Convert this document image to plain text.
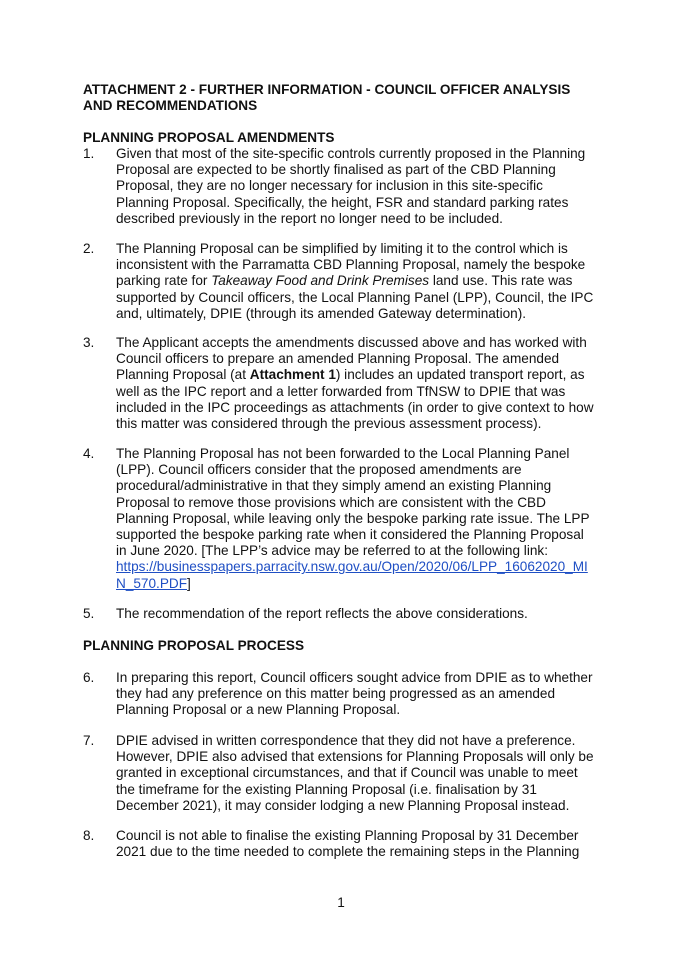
ATTACHMENT 2 - FURTHER INFORMATION - COUNCIL OFFICER ANALYSIS
AND RECOMMENDATIONS
PLANNING PROPOSAL AMENDMENTS
1.	Given that most of the site-specific controls currently proposed in the Planning
Proposal are expected to be shortly finalised as part of the CBD Planning
Proposal, they are no longer necessary for inclusion in this site-specific
Planning Proposal. Specifically, the height, FSR and standard parking rates
described previously in the report no longer need to be included.
2.	The Planning Proposal can be simplified by limiting it to the control which is
inconsistent with the Parramatta CBD Planning Proposal, namely the bespoke
parking rate for Takeaway Food and Drink Premises land use. This rate was
supported by Council officers, the Local Planning Panel (LPP), Council, the IPC
and, ultimately, DPIE (through its amended Gateway determination).
3.	The Applicant accepts the amendments discussed above and has worked with
Council officers to prepare an amended Planning Proposal. The amended
Planning Proposal (at Attachment 1) includes an updated transport report, as
well as the IPC report and a letter forwarded from TfNSW to DPIE that was
included in the IPC proceedings as attachments (in order to give context to how
this matter was considered through the previous assessment process).
4.	The Planning Proposal has not been forwarded to the Local Planning Panel
(LPP). Council officers consider that the proposed amendments are
procedural/administrative in that they simply amend an existing Planning
Proposal to remove those provisions which are consistent with the CBD
Planning Proposal, while leaving only the bespoke parking rate issue. The LPP
supported the bespoke parking rate when it considered the Planning Proposal
in June 2020. [The LPP’s advice may be referred to at the following link:
https://businesspapers.parracity.nsw.gov.au/Open/2020/06/LPP_16062020_MI
N_570.PDF]
5.	The recommendation of the report reflects the above considerations.
PLANNING PROPOSAL PROCESS
6.	In preparing this report, Council officers sought advice from DPIE as to whether
they had any preference on this matter being progressed as an amended
Planning Proposal or a new Planning Proposal.
7.	DPIE advised in written correspondence that they did not have a preference.
However, DPIE also advised that extensions for Planning Proposals will only be
granted in exceptional circumstances, and that if Council was unable to meet
the timeframe for the existing Planning Proposal (i.e. finalisation by 31
December 2021), it may consider lodging a new Planning Proposal instead.
8.	Council is not able to finalise the existing Planning Proposal by 31 December
2021 due to the time needed to complete the remaining steps in the Planning
1
